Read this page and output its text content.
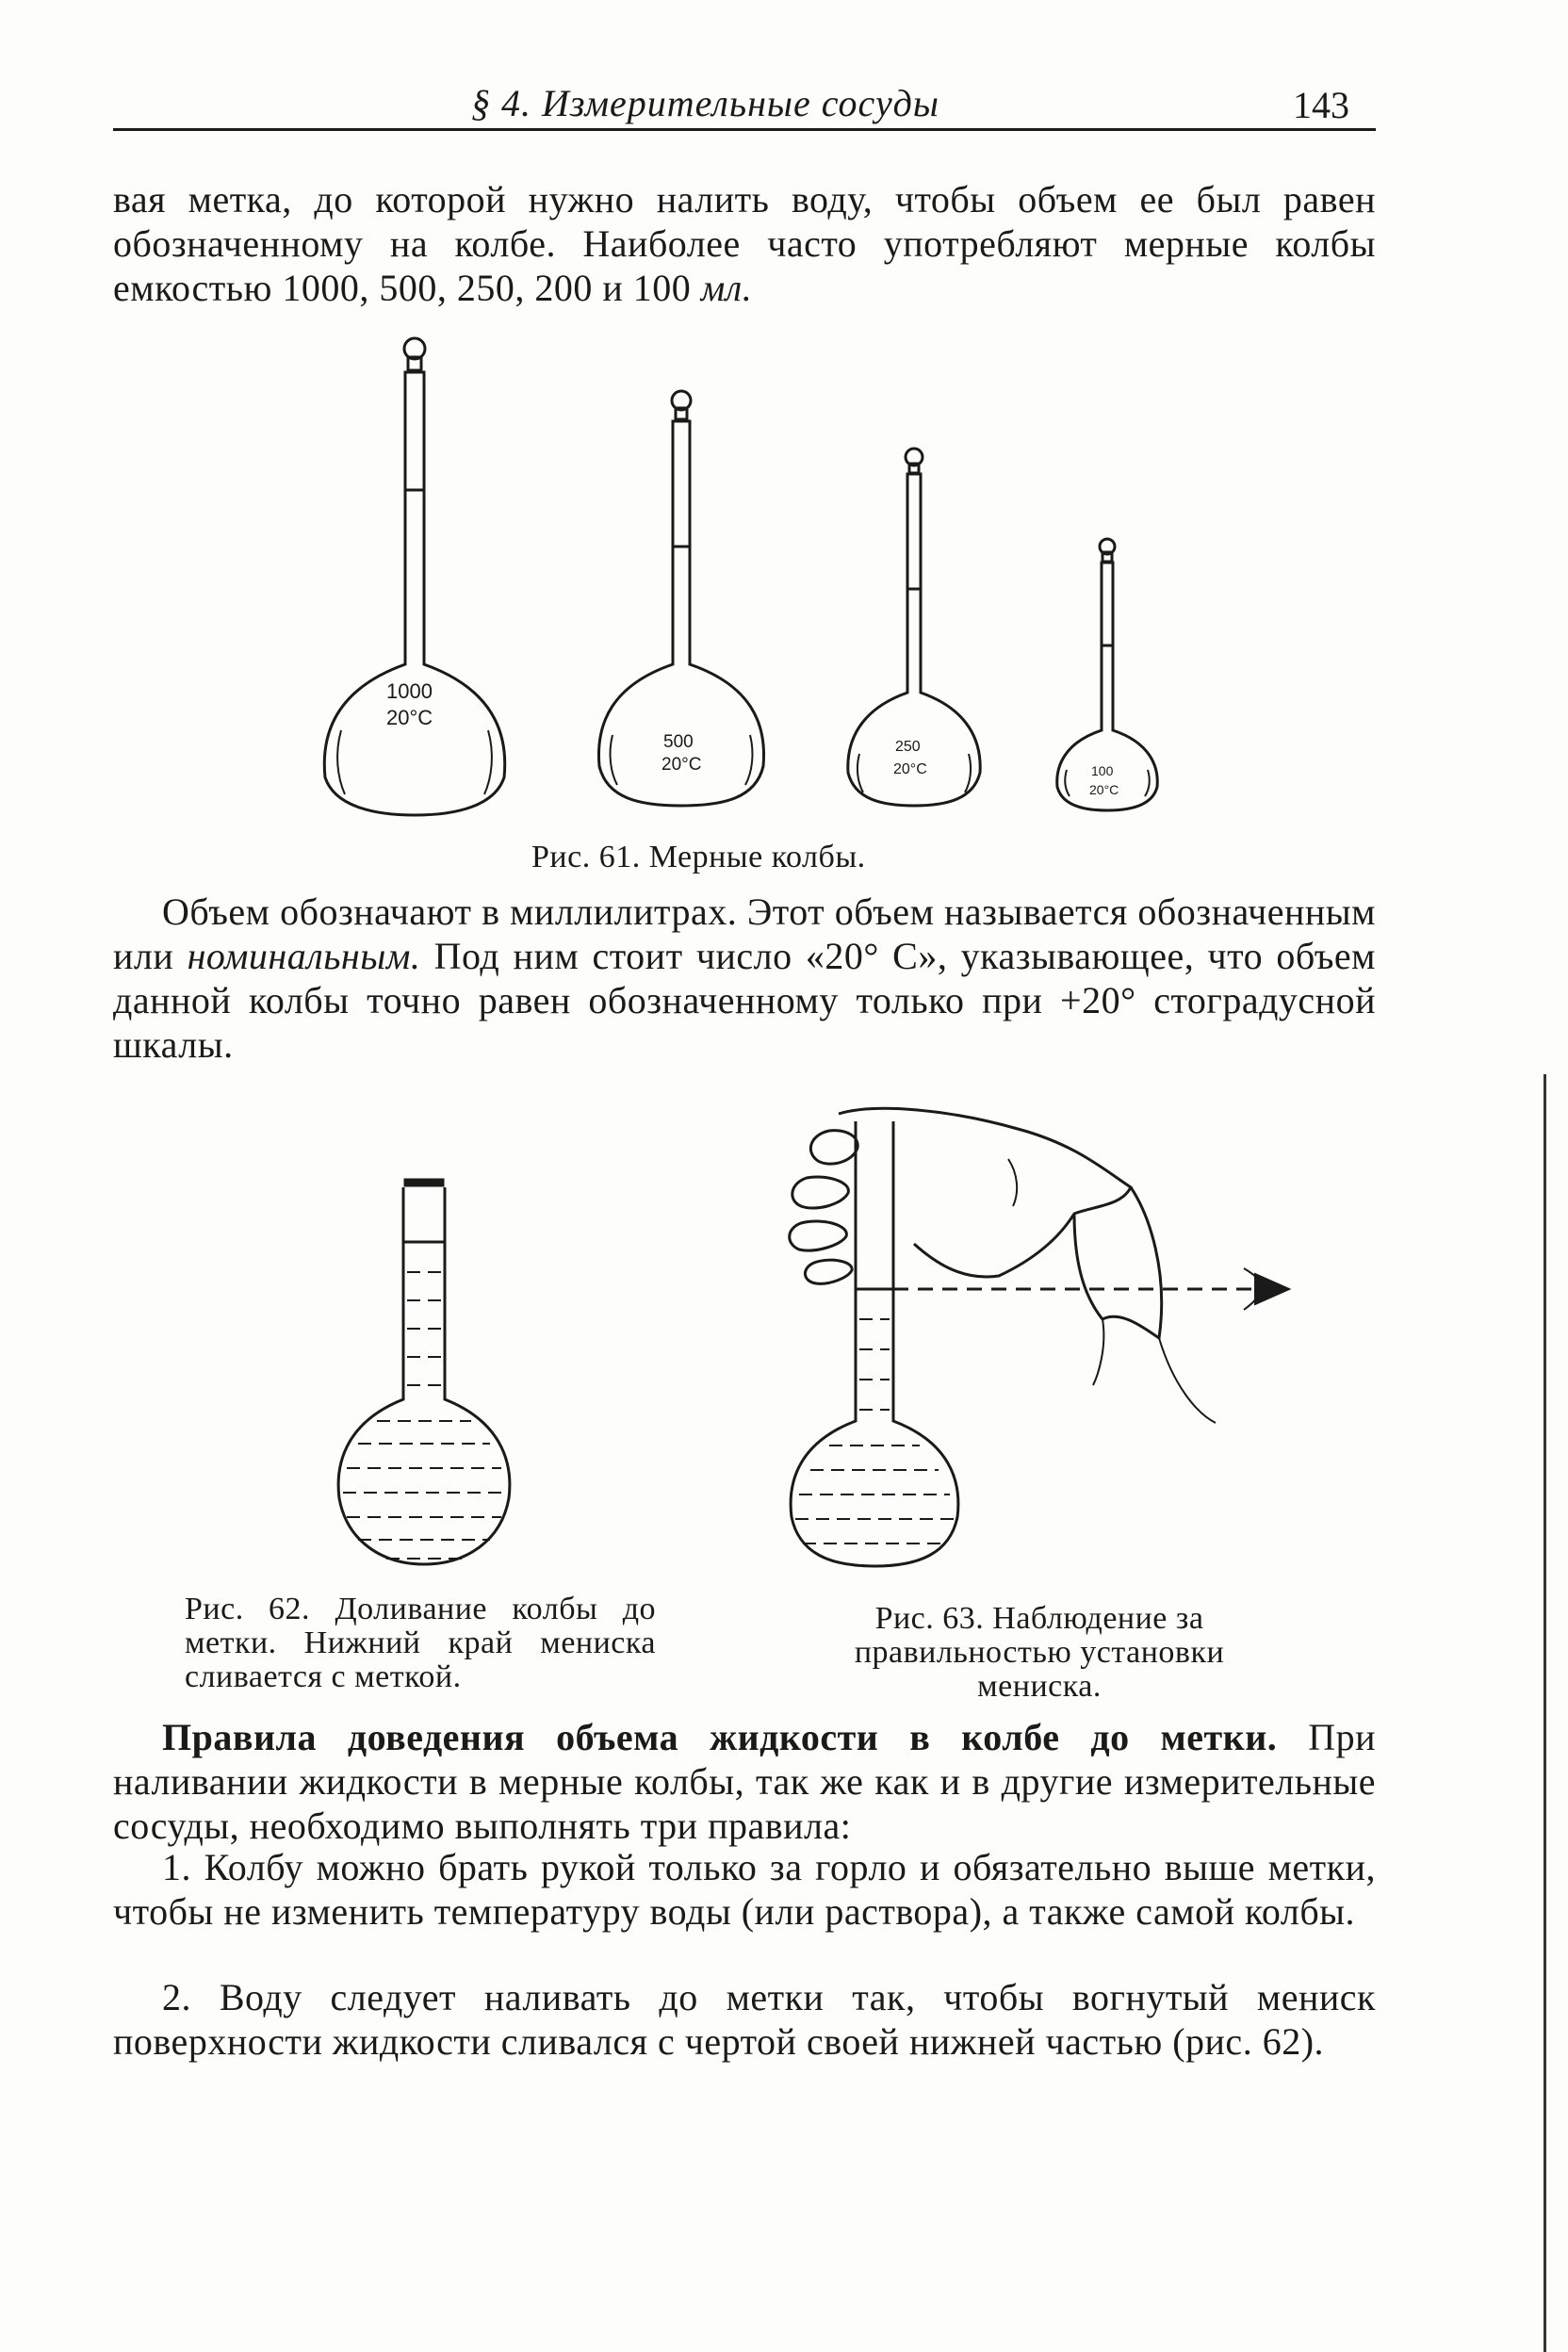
§ 4. Измерительные сосуды	143
вая метка, до которой нужно налить воду, чтобы объем ее был равен обозначенному на колбе. Наиболее часто употребляют мерные колбы емкостью 1000, 500, 250, 200 и 100 мл.
1000
20°C
500
20°C
250
20°C	100
20°C
Рис. 61. Мерные колбы.
Объем обозначают в миллилитрах. Этот объем называется обозначенным или номинальным. Под ним стоит число «20° С», указывающее, что объем данной колбы точно равен обозначенному только при +20° стоградусной шкалы.
Рис. 62. Доливание колбы до метки. Нижний край мениска сливается с меткой.
Рис. 63. Наблюдение за правильностью установки мениска.
Правила доведения объема жидкости в колбе до метки. При наливании жидкости в мерные колбы, так же как и в другие измерительные сосуды, необходимо выполнять три правила:
1. Колбу можно брать рукой только за горло и обязательно выше метки, чтобы не изменить температуру воды (или раствора), а также самой колбы.
2. Воду следует наливать до метки так, чтобы вогнутый мениск поверхности жидкости сливался с чертой своей нижней частью (рис. 62).
